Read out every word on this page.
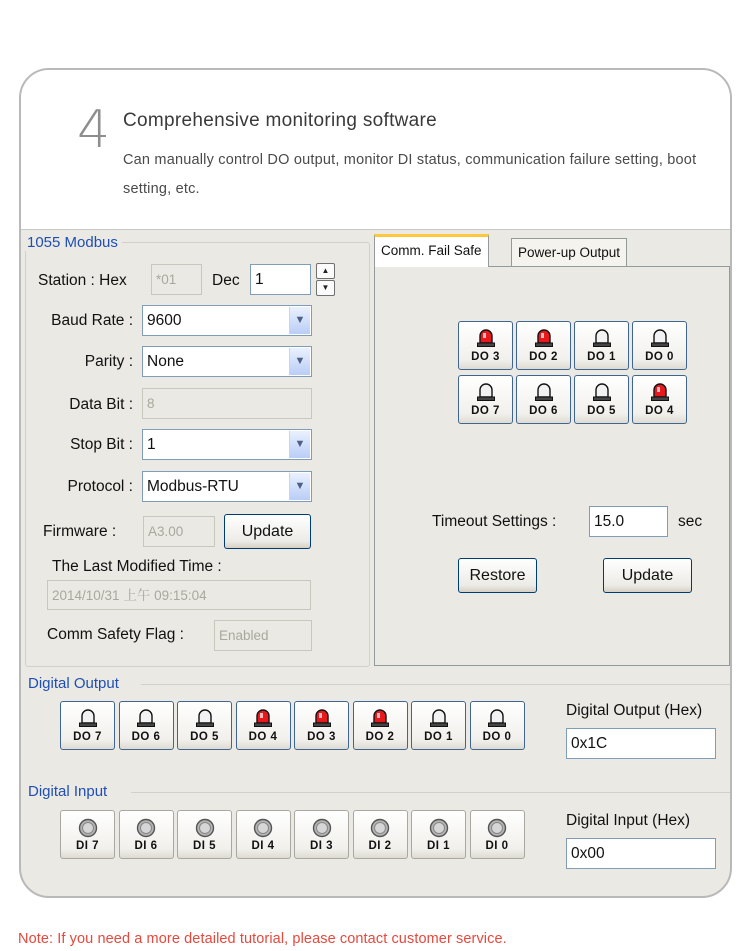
4 Comprehensive monitoring software
Can manually control DO output, monitor DI status, communication failure setting, boot setting, etc.
1055 Modbus
Station : Hex	*01	Dec 1
▲
▼
Baud Rate : 9600	▼
Parity : None	▼
Data Bit :	8
Stop Bit : 1	▼
Protocol : Modbus-RTU	▼
Firmware :	A3.00	Update
The Last Modified Time :
2014/10/31 上午 09:15:04
Comm Safety Flag :	Enabled
Comm. Fail Safe	Power-up Output
Timeout Settings :	15.0	sec
Restore	Update
Digital Output
Digital Output (Hex)
0x1C
Digital Input
Digital Input (Hex)
0x00
DO 3	DO 2	DO 1	DO 0
DO 7	DO 6	DO 5	DO 4
DO 7	DO 6	DO 5	DO 4	DO 3	DO 2	DO 1	DO 0
DI 7	DI 6	DI 5	DI 4	DI 3	DI 2	DI 1	DI 0
Note: If you need a more detailed tutorial, please contact customer service.
